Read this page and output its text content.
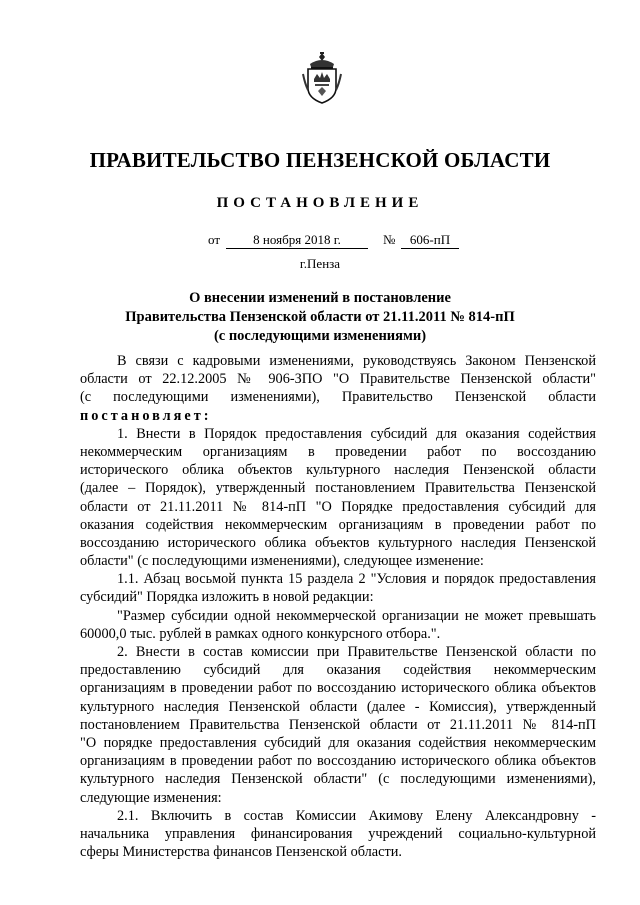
ПРАВИТЕЛЬСТВО ПЕНЗЕНСКОЙ ОБЛАСТИ
ПОСТАНОВЛЕНИЕ
от	8 ноября 2018 г.	№	606-пП
г.Пенза
О внесении изменений в постановление
Правительства Пензенской области от 21.11.2011 № 814-пП
(с последующими изменениями)
В связи с кадровыми изменениями, руководствуясь Законом Пензенской
области от 22.12.2005 № 906-ЗПО "О Правительстве Пензенской области"
(с последующими изменениями), Правительство Пензенской области
постановляет:
1. Внести в Порядок предоставления субсидий для оказания содействия
некоммерческим организациям в проведении работ по воссозданию
исторического облика объектов культурного наследия Пензенской области
(далее – Порядок), утвержденный постановлением Правительства Пензенской
области от 21.11.2011 № 814-пП "О Порядке предоставления субсидий для
оказания содействия некоммерческим организациям в проведении работ по
воссозданию исторического облика объектов культурного наследия Пензенской
области" (с последующими изменениями), следующее изменение:
1.1. Абзац восьмой пункта 15 раздела 2 "Условия и порядок предоставления
субсидий" Порядка изложить в новой редакции:
"Размер субсидии одной некоммерческой организации не может превышать
60000,0 тыс. рублей в рамках одного конкурсного отбора.".
2. Внести в состав комиссии при Правительстве Пензенской области по
предоставлению субсидий для оказания содействия некоммерческим
организациям в проведении работ по воссозданию исторического облика объектов
культурного наследия Пензенской области (далее - Комиссия), утвержденный
постановлением Правительства Пензенской области от 21.11.2011 № 814-пП
"О порядке предоставления субсидий для оказания содействия некоммерческим
организациям в проведении работ по воссозданию исторического облика объектов
культурного наследия Пензенской области" (с последующими изменениями),
следующие изменения:
2.1. Включить в состав Комиссии Акимову Елену Александровну -
начальника управления финансирования учреждений социально-культурной
сферы Министерства финансов Пензенской области.
